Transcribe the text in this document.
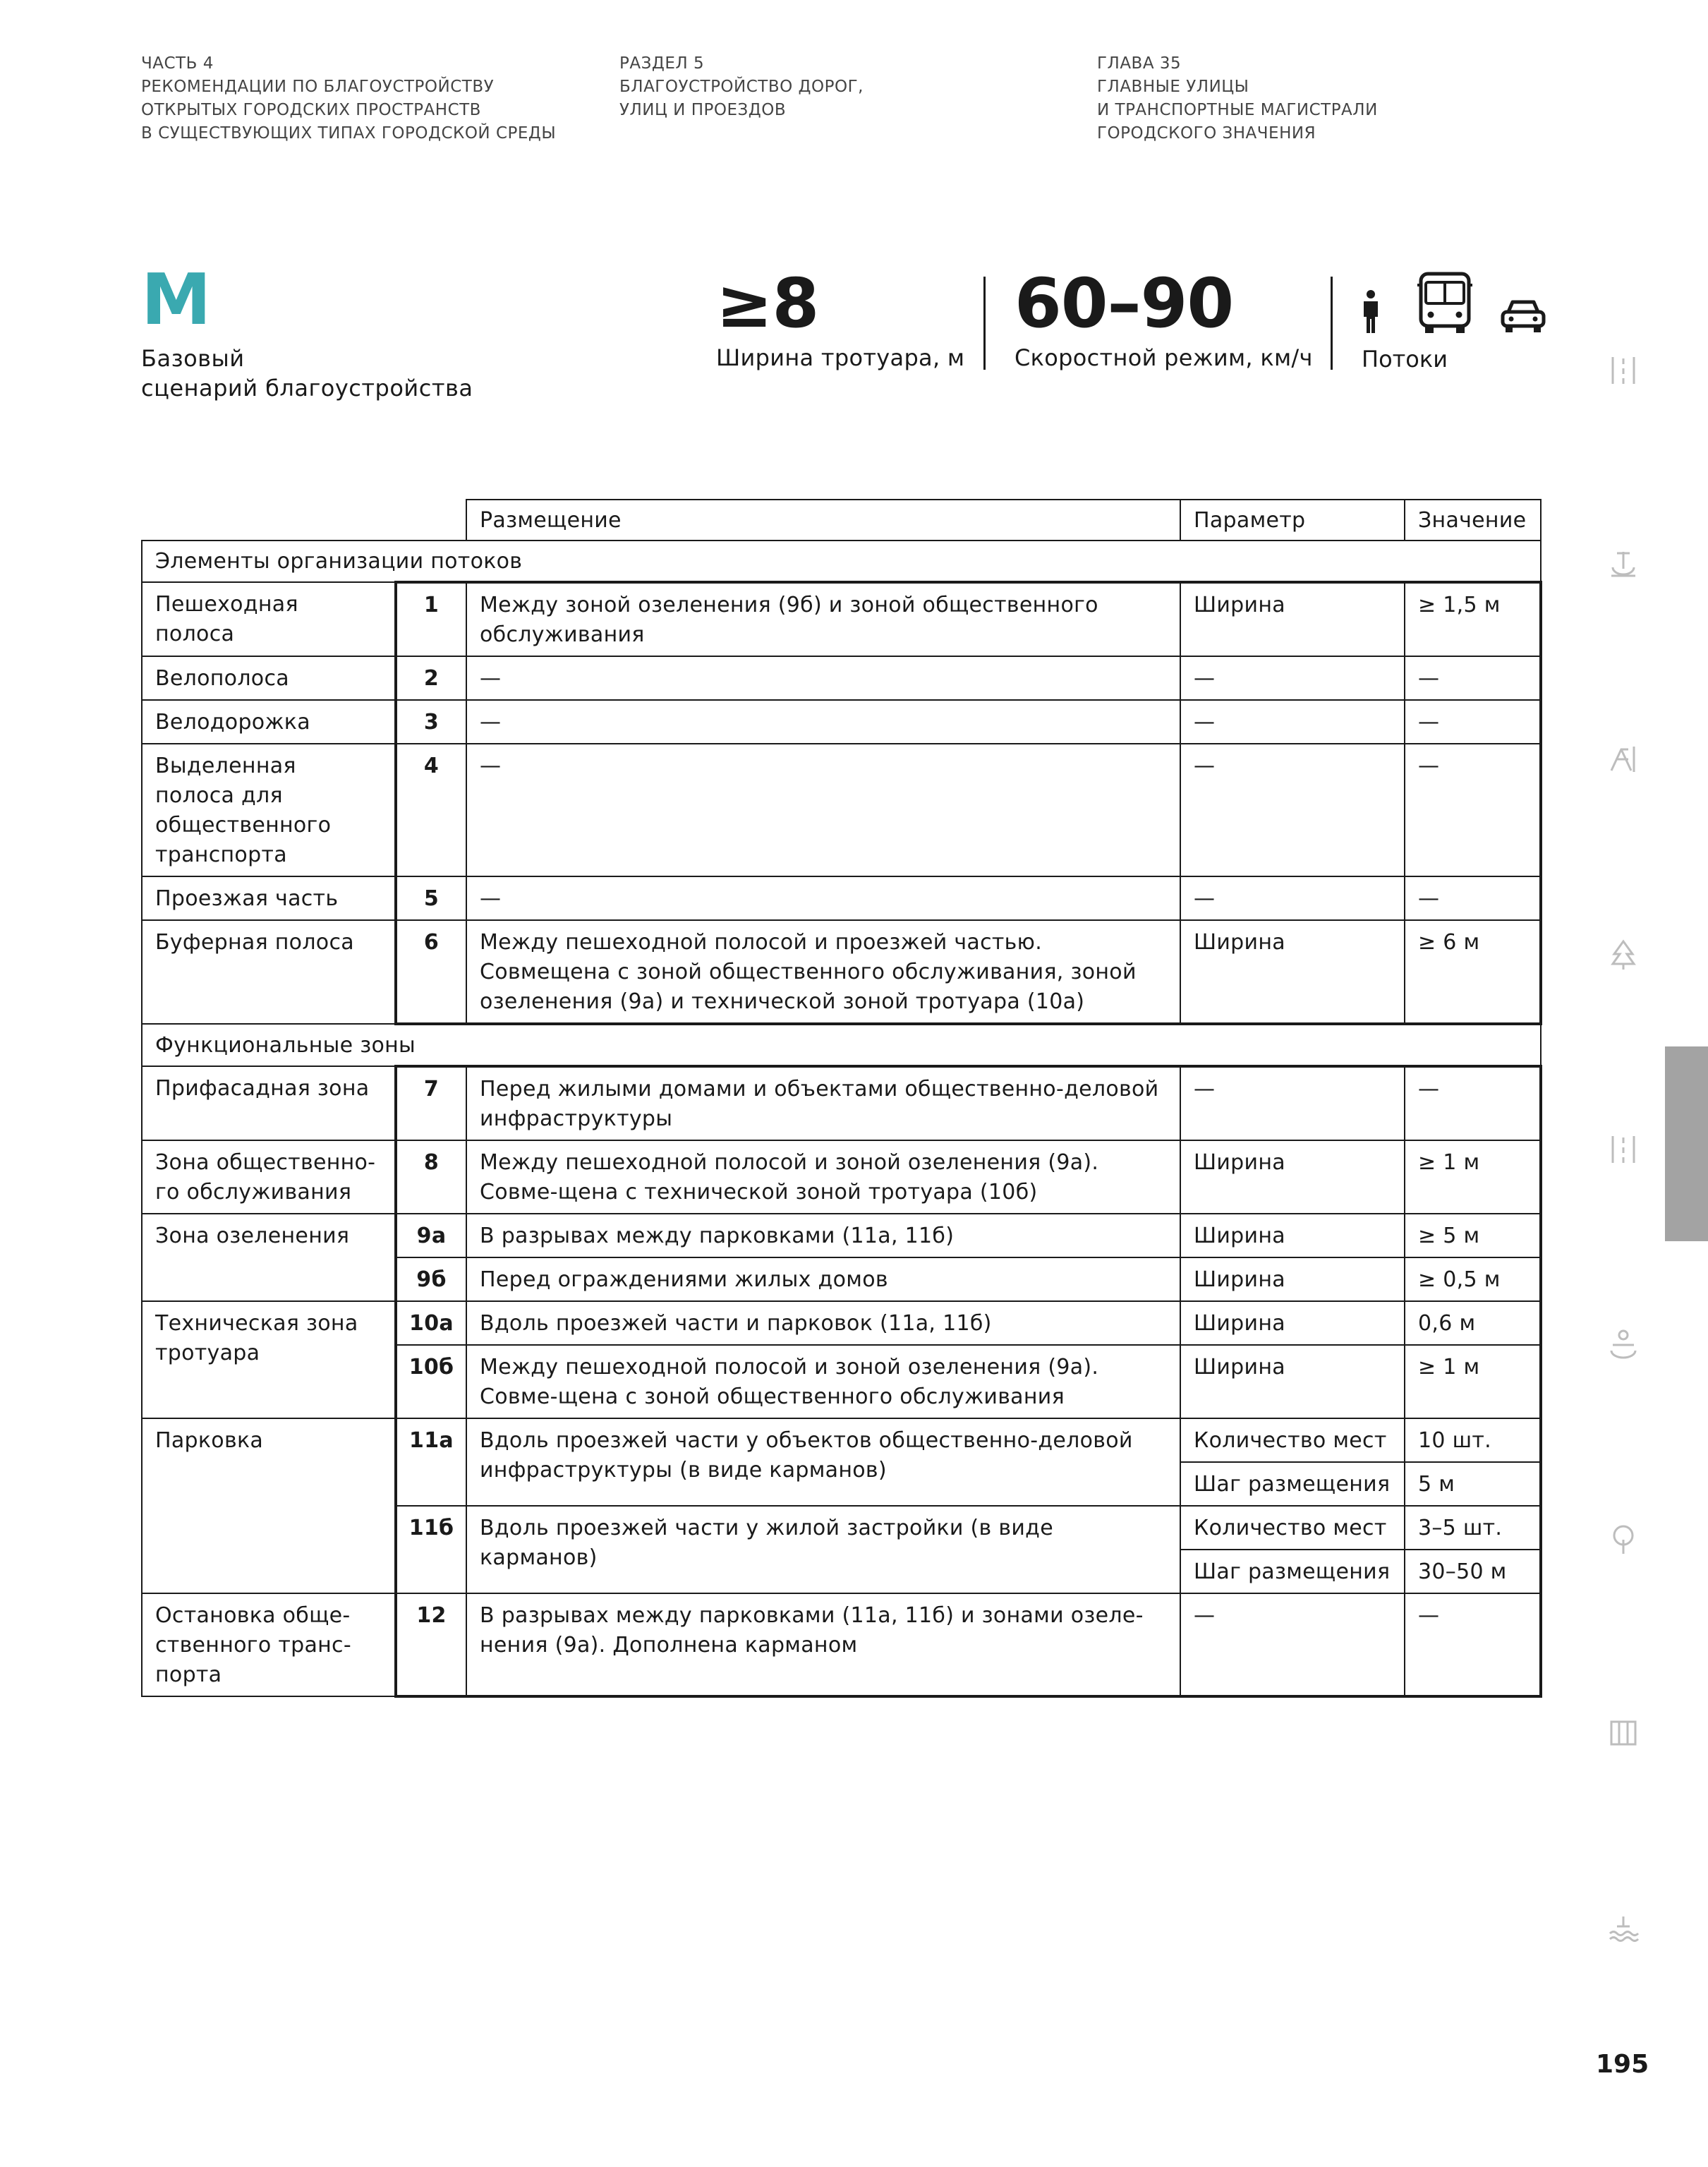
ЧАСТЬ 4
РЕКОМЕНДАЦИИ ПО БЛАГОУСТРОЙСТВУ
ОТКРЫТЫХ ГОРОДСКИХ ПРОСТРАНСТВ
В СУЩЕСТВУЮЩИХ ТИПАХ ГОРОДСКОЙ СРЕДЫ
РАЗДЕЛ 5
БЛАГОУСТРОЙСТВО ДОРОГ,
УЛИЦ И ПРОЕЗДОВ
ГЛАВА 35
ГЛАВНЫЕ УЛИЦЫ
И ТРАНСПОРТНЫЕ МАГИСТРАЛИ
ГОРОДСКОГО ЗНАЧЕНИЯ
М
Базовый
сценарий благоустройства
≥8
Ширина тротуара, м
60–90
Скоростной режим, км/ч Потоки
		Размещение	Параметр	Значение
Элементы организации потоков				
Пешеходная полоса	1	Между зоной озеленения (9б) и зоной общественного обслуживания	Ширина	≥ 1,5 м
Велополоса	2	—	—	—
Велодорожка	3	—	—	—
Выделенная полоса для общественного транспорта	4	—	—	—
Проезжая часть	5	—	—	—
Буферная полоса	6	Между пешеходной полосой и проезжей частью. Совмещена с зоной общественного обслуживания, зоной озеленения (9а) и технической зоной тротуара (10а)	Ширина	≥ 6 м
Функциональные зоны				
Прифасадная зона	7	Перед жилыми домами и объектами общественно-деловой инфраструктуры	—	—
Зона общественно-го обслуживания	8	Между пешеходной полосой и зоной озеленения (9а). Совме-щена с технической зоной тротуара (10б)	Ширина	≥ 1 м
Зона озеленения	9а	В разрывах между парковками (11а, 11б)	Ширина	≥ 5 м
	9б	Перед ограждениями жилых домов	Ширина	≥ 0,5 м
Техническая зона тротуара	10а	Вдоль проезжей части и парковок (11а, 11б)	Ширина	0,6 м
	10б	Между пешеходной полосой и зоной озеленения (9а). Совме-щена с зоной общественного обслуживания	Ширина	≥ 1 м
Парковка	11а	Вдоль проезжей части у объектов общественно-деловой инфраструктуры (в виде карманов)	Количество мест	10 шт.
			Шаг размещения	5 м
	11б	Вдоль проезжей части у жилой застройки (в виде карманов)	Количество мест	3–5 шт.
			Шаг размещения	30–50 м
Остановка обще-ственного транс-порта	12	В разрывах между парковками (11а, 11б) и зонами озеле-нения (9а). Дополнена карманом	—	—
195
